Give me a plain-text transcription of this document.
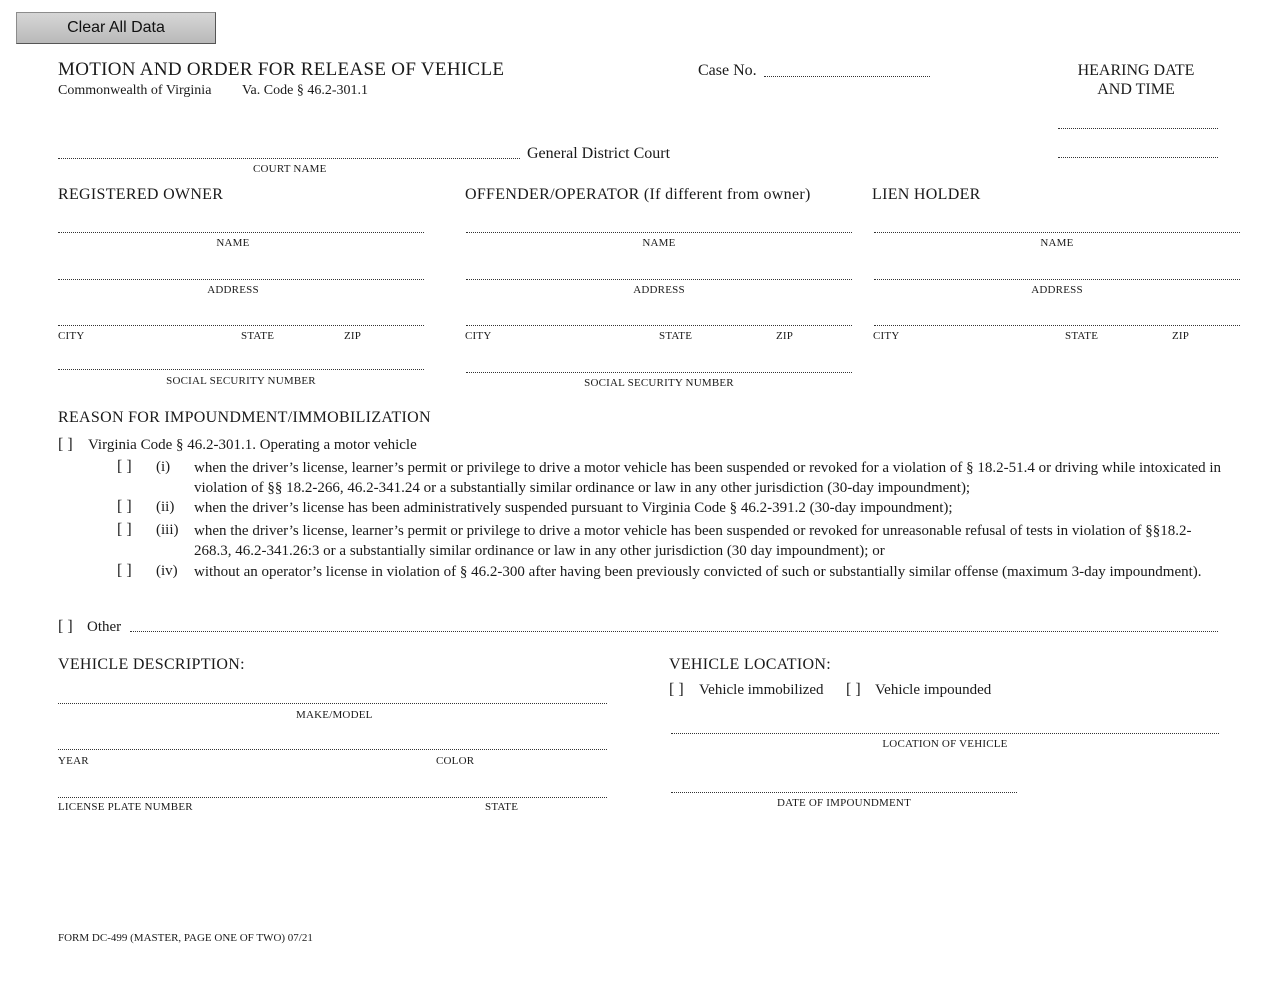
Clear All Data
MOTION AND ORDER FOR RELEASE OF VEHICLE
Commonwealth of Virginia Va. Code § 46.2-301.1
Case No.	HEARING DATE
AND TIME
General District Court
COURT NAME
REGISTERED OWNER	OFFENDER/OPERATOR (If different from owner)	LIEN HOLDER
NAME
ADDRESS
CITY	STATE	ZIP
SOCIAL SECURITY NUMBER
NAME
ADDRESS
CITY	STATE	ZIP
SOCIAL SECURITY NUMBER
NAME
ADDRESS
CITY	STATE	ZIP
REASON FOR IMPOUNDMENT/IMMOBILIZATION
[ ] Virginia Code § 46.2-301.1. Operating a motor vehicle
[ ] (i) when the driver’s license, learner’s permit or privilege to drive a motor vehicle has been suspended or revoked for a violation of § 18.2-51.4 or driving while intoxicated in violation of §§ 18.2-266, 46.2-341.24 or a substantially similar ordinance or law in any other jurisdiction (30-day impoundment);
[ ] (ii) when the driver’s license has been administratively suspended pursuant to Virginia Code § 46.2-391.2 (30-day impoundment);
[ ] (iii) when the driver’s license, learner’s permit or privilege to drive a motor vehicle has been suspended or revoked for unreasonable refusal of tests in violation of §§18.2-268.3, 46.2-341.26:3 or a substantially similar ordinance or law in any other jurisdiction (30 day impoundment); or
[ ] (iv) without an operator’s license in violation of § 46.2-300 after having been previously convicted of such or substantially similar offense (maximum 3-day impoundment).
[ ] Other
VEHICLE DESCRIPTION:
MAKE/MODEL
YEAR	COLOR
LICENSE PLATE NUMBER	STATE
VEHICLE LOCATION:
[ ] Vehicle immobilized [ ] Vehicle impounded
LOCATION OF VEHICLE
DATE OF IMPOUNDMENT
FORM DC-499 (MASTER, PAGE ONE OF TWO) 07/21
